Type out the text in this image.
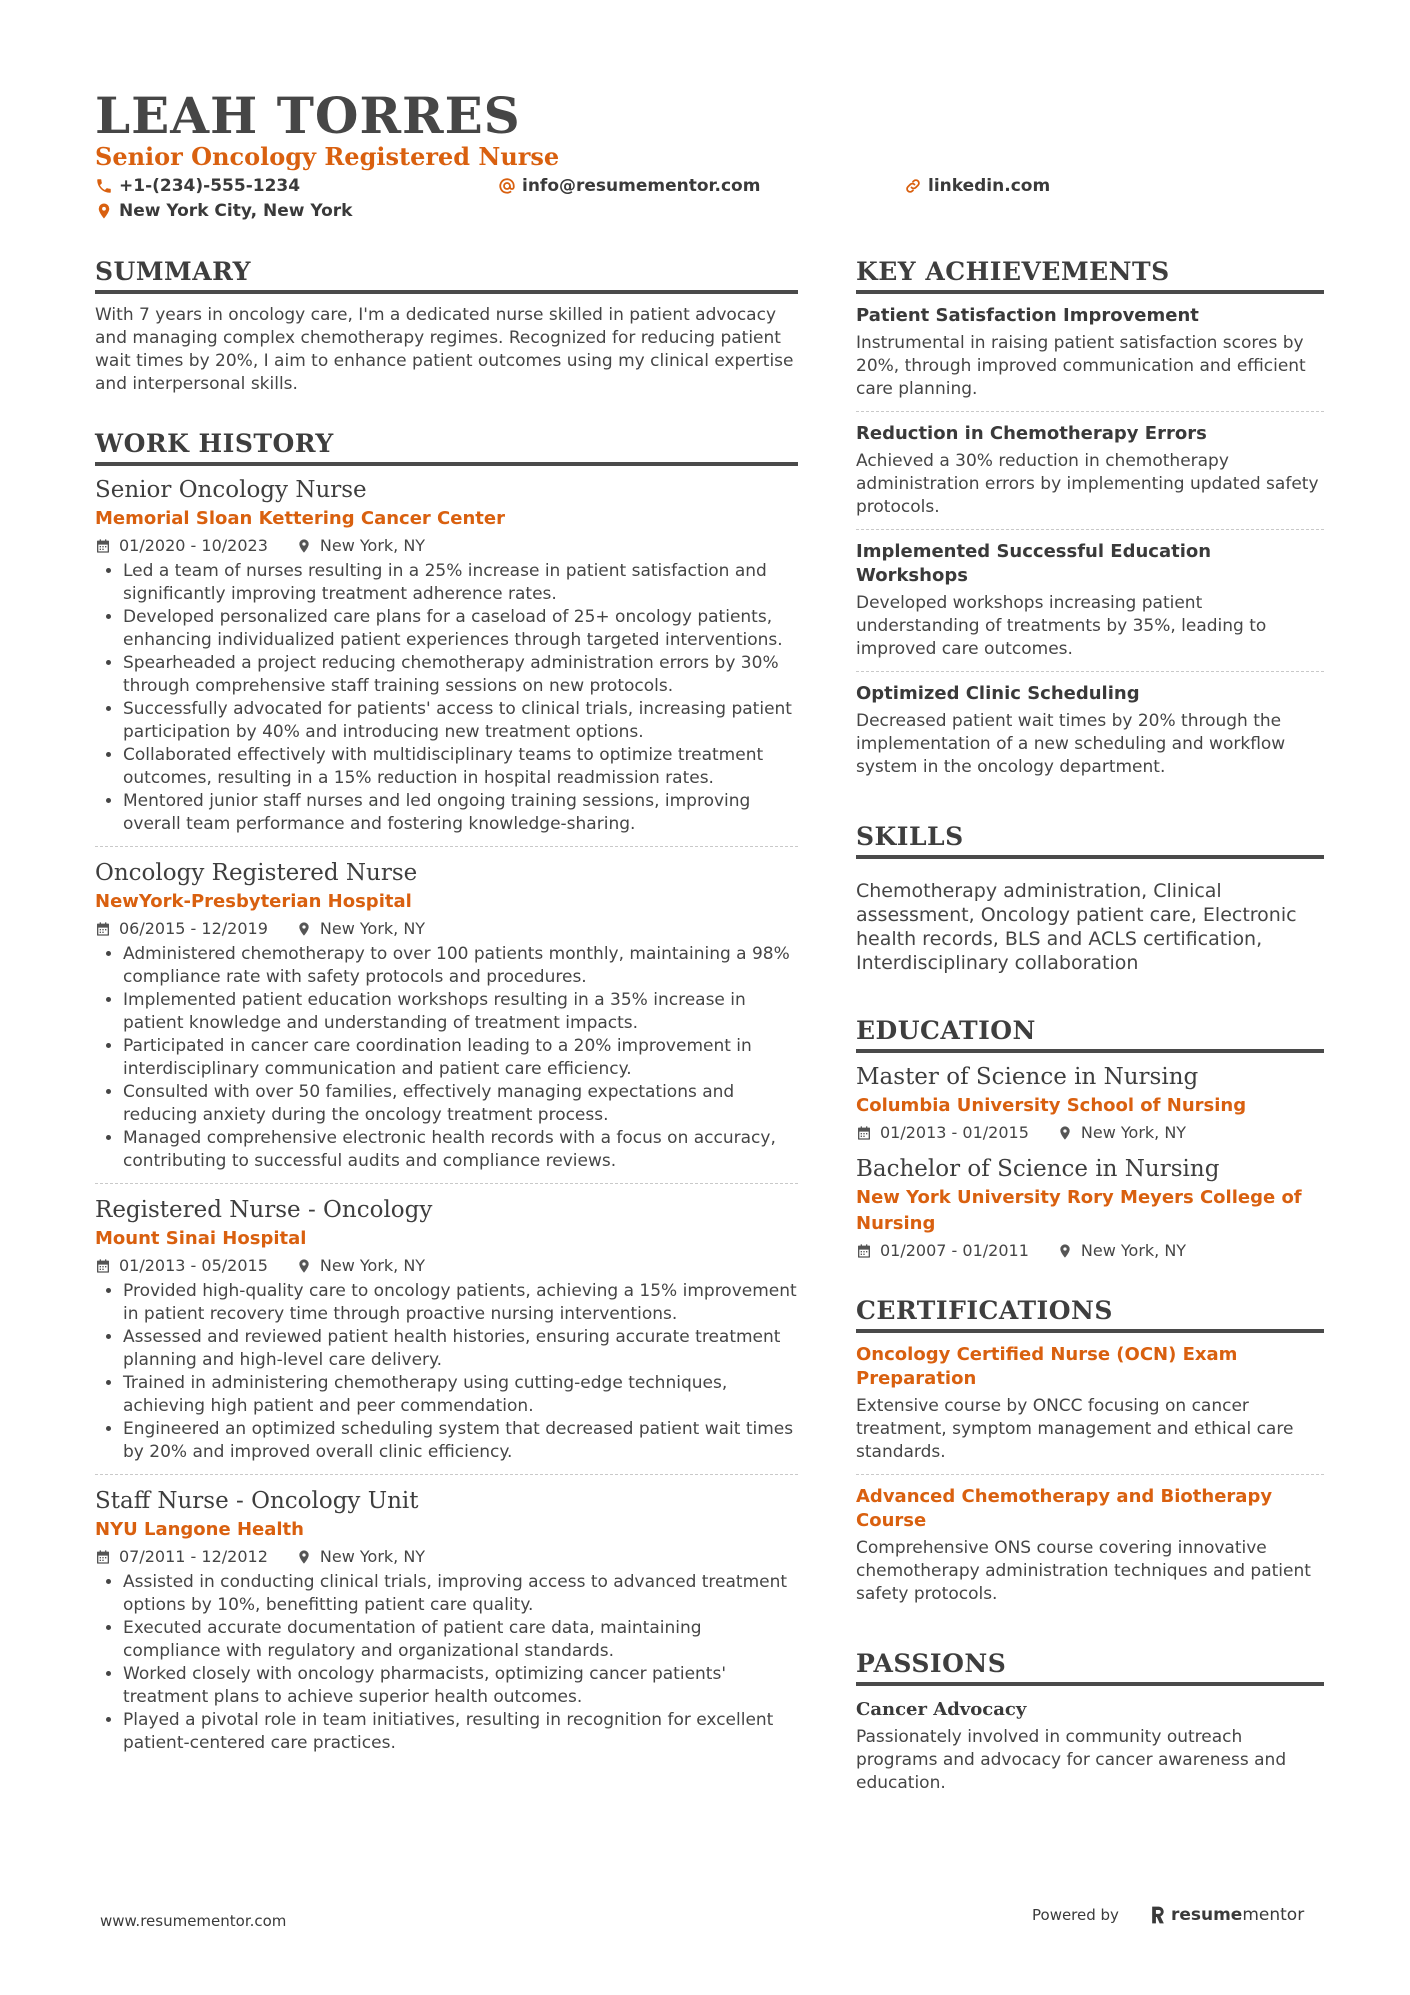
LEAH TORRES
Senior Oncology Registered Nurse
+1-(234)-555-1234	info@resumementor.com	linkedin.com
New York City, New York
SUMMARY

With 7 years in oncology care, I'm a dedicated nurse skilled in patient advocacy and managing complex chemotherapy regimes. Recognized for reducing patient wait times by 20%, I aim to enhance patient outcomes using my clinical expertise and interpersonal skills.

WORK HISTORY
Senior Oncology Nurse
Memorial Sloan Kettering Cancer Center
01/2020 - 10/2023	New York, NY
• Led a team of nurses resulting in a 25% increase in patient satisfaction and significantly improving treatment adherence rates.
• Developed personalized care plans for a caseload of 25+ oncology patients, enhancing individualized patient experiences through targeted interventions.
• Spearheaded a project reducing chemotherapy administration errors by 30% through comprehensive staff training sessions on new protocols.
• Successfully advocated for patients' access to clinical trials, increasing patient participation by 40% and introducing new treatment options.
• Collaborated effectively with multidisciplinary teams to optimize treatment outcomes, resulting in a 15% reduction in hospital readmission rates.
• Mentored junior staff nurses and led ongoing training sessions, improving overall team performance and fostering knowledge-sharing.
Oncology Registered Nurse
NewYork-Presbyterian Hospital
06/2015 - 12/2019	New York, NY
• Administered chemotherapy to over 100 patients monthly, maintaining a 98% compliance rate with safety protocols and procedures.
• Implemented patient education workshops resulting in a 35% increase in patient knowledge and understanding of treatment impacts.
• Participated in cancer care coordination leading to a 20% improvement in interdisciplinary communication and patient care efficiency.
• Consulted with over 50 families, effectively managing expectations and reducing anxiety during the oncology treatment process.
• Managed comprehensive electronic health records with a focus on accuracy, contributing to successful audits and compliance reviews.
Registered Nurse - Oncology
Mount Sinai Hospital
01/2013 - 05/2015	New York, NY
• Provided high-quality care to oncology patients, achieving a 15% improvement in patient recovery time through proactive nursing interventions.
• Assessed and reviewed patient health histories, ensuring accurate treatment planning and high-level care delivery.
• Trained in administering chemotherapy using cutting-edge techniques, achieving high patient and peer commendation.
• Engineered an optimized scheduling system that decreased patient wait times by 20% and improved overall clinic efficiency.
Staff Nurse - Oncology Unit
NYU Langone Health
07/2011 - 12/2012	New York, NY
• Assisted in conducting clinical trials, improving access to advanced treatment options by 10%, benefitting patient care quality.
• Executed accurate documentation of patient care data, maintaining compliance with regulatory and organizational standards.
• Worked closely with oncology pharmacists, optimizing cancer patients' treatment plans to achieve superior health outcomes.
• Played a pivotal role in team initiatives, resulting in recognition for excellent patient-centered care practices.
KEY ACHIEVEMENTS
Patient Satisfaction Improvement
Instrumental in raising patient satisfaction scores by 20%, through improved communication and efficient care planning.
Reduction in Chemotherapy Errors
Achieved a 30% reduction in chemotherapy administration errors by implementing updated safety protocols.
Implemented Successful Education Workshops
Developed workshops increasing patient understanding of treatments by 35%, leading to improved care outcomes.
Optimized Clinic Scheduling
Decreased patient wait times by 20% through the implementation of a new scheduling and workflow system in the oncology department.
SKILLS
Chemotherapy administration, Clinical assessment, Oncology patient care, Electronic health records, BLS and ACLS certification, Interdisciplinary collaboration
EDUCATION
Master of Science in Nursing
Columbia University School of Nursing
01/2013 - 01/2015	New York, NY
Bachelor of Science in Nursing
New York University Rory Meyers College of Nursing
01/2007 - 01/2011	New York, NY
CERTIFICATIONS
Oncology Certified Nurse (OCN) Exam Preparation
Extensive course by ONCC focusing on cancer treatment, symptom management and ethical care standards.
Advanced Chemotherapy and Biotherapy Course
Comprehensive ONS course covering innovative chemotherapy administration techniques and patient safety protocols.
PASSIONS
Cancer Advocacy
Passionately involved in community outreach programs and advocacy for cancer awareness and education.
www.resumementor.com	Powered by	resume mentor
